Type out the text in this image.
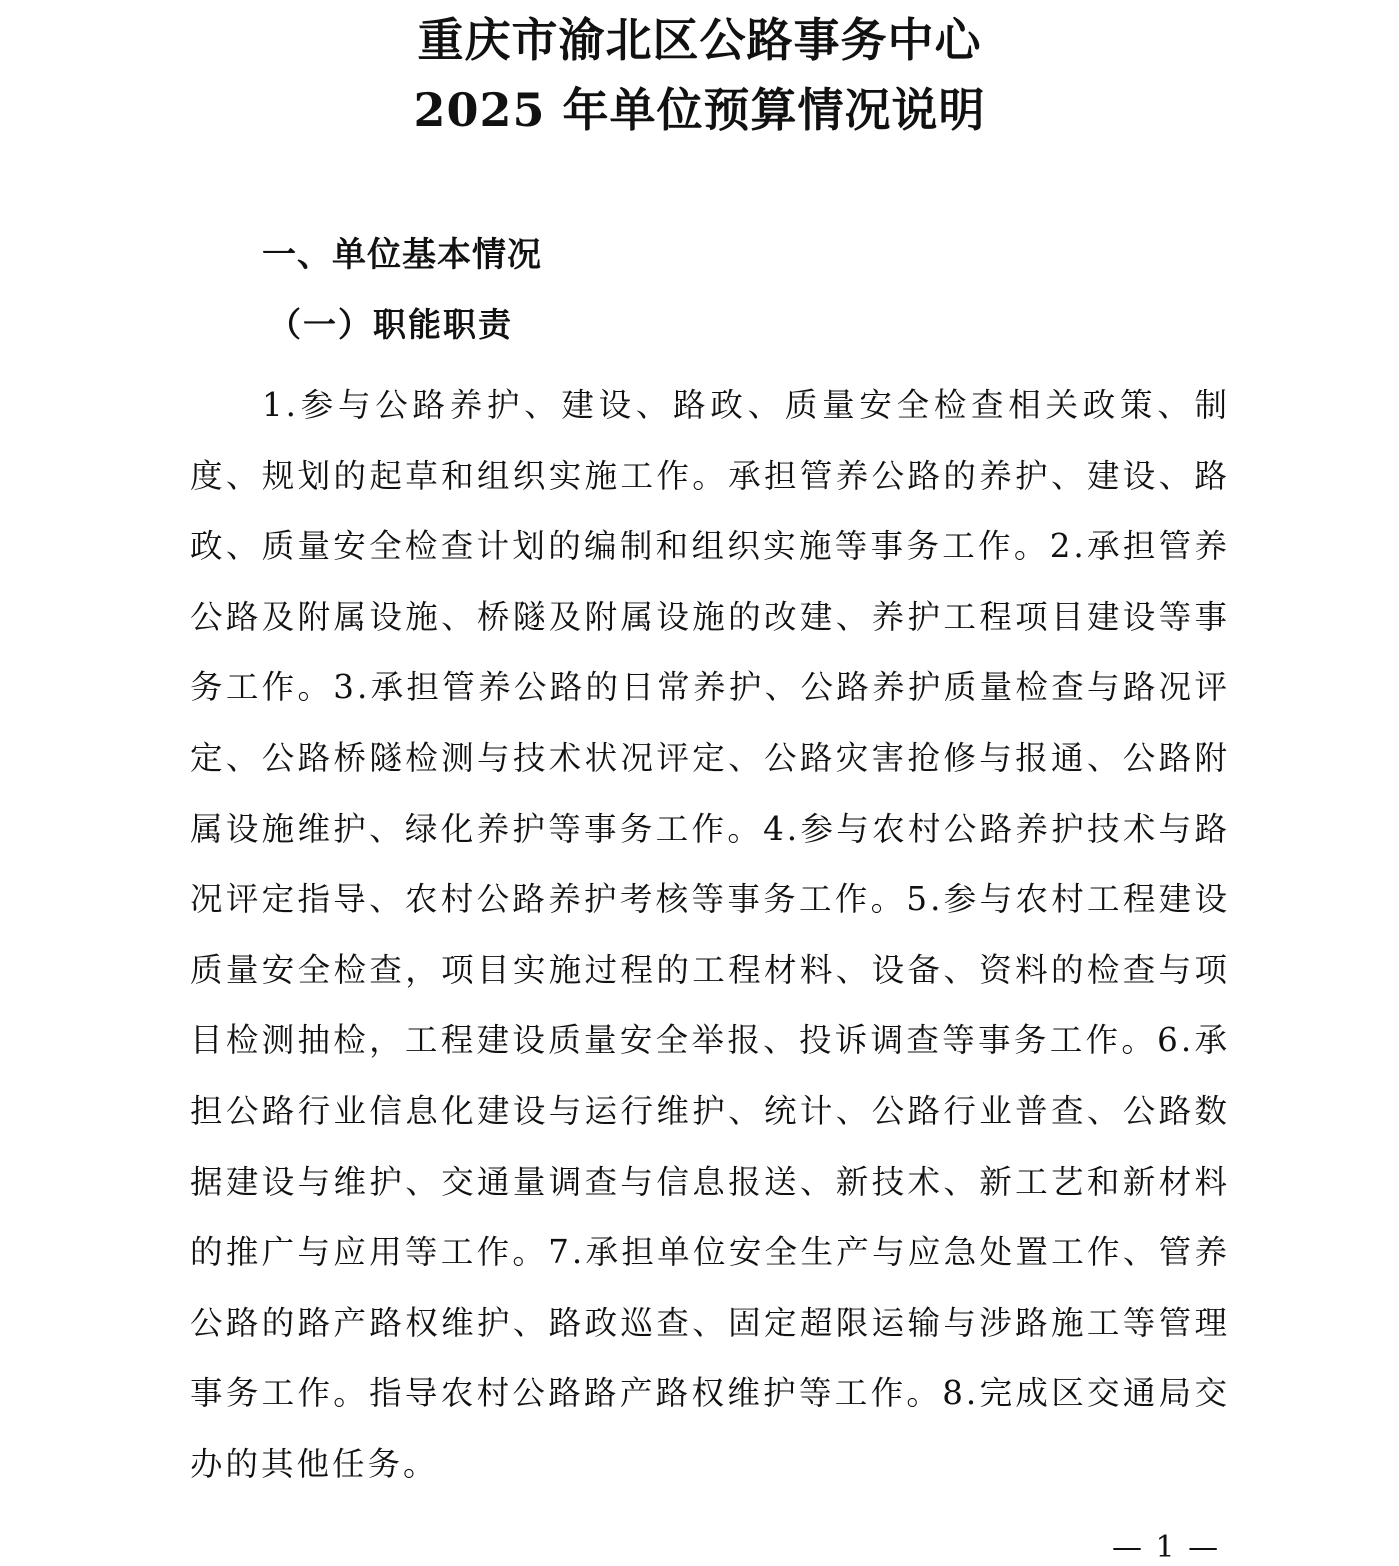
重庆市渝北区公路事务中心
2025 年单位预算情况说明
一、单位基本情况
（一）职能职责

1.参与公路养护、建设、路政、质量安全检查相关政策、制度、规划的起草和组织实施工作。承担管养公路的养护、建设、路政、质量安全检查计划的编制和组织实施等事务工作。2.承担管养公路及附属设施、桥隧及附属设施的改建、养护工程项目建设等事务工作。3.承担管养公路的日常养护、公路养护质量检查与路况评定、公路桥隧检测与技术状况评定、公路灾害抢修与报通、公路附属设施维护、绿化养护等事务工作。4.参与农村公路养护技术与路况评定指导、农村公路养护考核等事务工作。5.参与农村工程建设质量安全检查，项目实施过程的工程材料、设备、资料的检查与项目检测抽检，工程建设质量安全举报、投诉调查等事务工作。6.承担公路行业信息化建设与运行维护、统计、公路行业普查、公路数据建设与维护、交通量调查与信息报送、新技术、新工艺和新材料的推广与应用等工作。7.承担单位安全生产与应急处置工作、管养公路的路产路权维护、路政巡查、固定超限运输与涉路施工等管理事务工作。指导农村公路路产路权维护等工作。8.完成区交通局交办的其他任务。

— 1 —
